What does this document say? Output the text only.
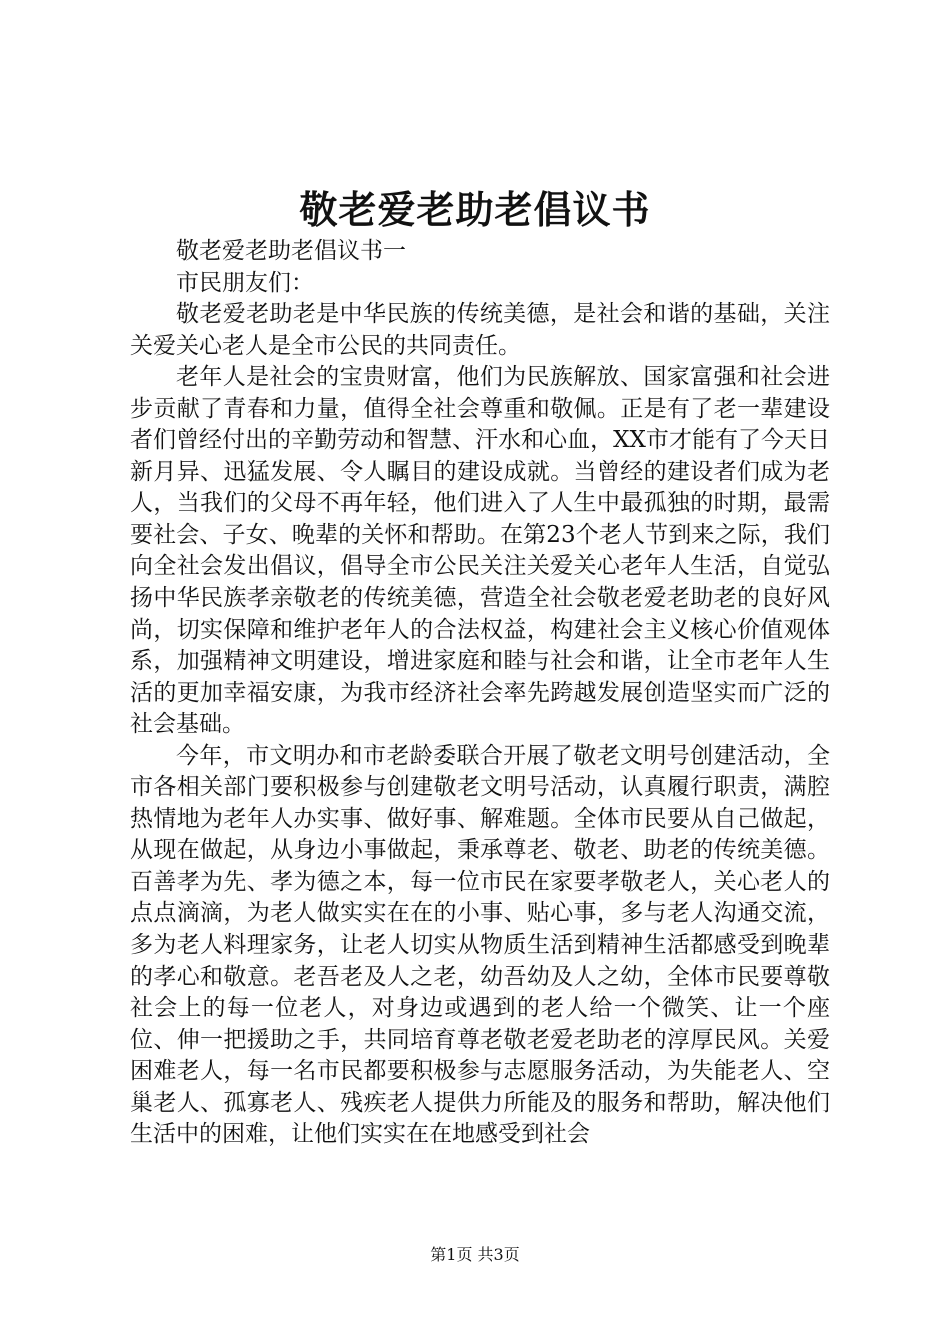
敬老爱老助老倡议书

敬老爱老助老倡议书一

市民朋友们：

敬老爱老助老是中华民族的传统美德，是社会和谐的基础，关注关爱关心老人是全市公民的共同责任。

老年人是社会的宝贵财富，他们为民族解放、国家富强和社会进步贡献了青春和力量，值得全社会尊重和敬佩。正是有了老一辈建设者们曾经付出的辛勤劳动和智慧、汗水和心血，XX市才能有了今天日新月异、迅猛发展、令人瞩目的建设成就。当曾经的建设者们成为老人，当我们的父母不再年轻，他们进入了人生中最孤独的时期，最需要社会、子女、晚辈的关怀和帮助。在第23个老人节到来之际，我们向全社会发出倡议，倡导全市公民关注关爱关心老年人生活，自觉弘扬中华民族孝亲敬老的传统美德，营造全社会敬老爱老助老的良好风尚，切实保障和维护老年人的合法权益，构建社会主义核心价值观体系，加强精神文明建设，增进家庭和睦与社会和谐，让全市老年人生活的更加幸福安康，为我市经济社会率先跨越发展创造坚实而广泛的社会基础。

今年，市文明办和市老龄委联合开展了敬老文明号创建活动，全市各相关部门要积极参与创建敬老文明号活动，认真履行职责，满腔热情地为老年人办实事、做好事、解难题。全体市民要从自己做起，从现在做起，从身边小事做起，秉承尊老、敬老、助老的传统美德。百善孝为先、孝为德之本，每一位市民在家要孝敬老人，关心老人的点点滴滴，为老人做实实在在的小事、贴心事，多与老人沟通交流，多为老人料理家务，让老人切实从物质生活到精神生活都感受到晚辈的孝心和敬意。老吾老及人之老，幼吾幼及人之幼，全体市民要尊敬社会上的每一位老人，对身边或遇到的老人给一个微笑、让一个座位、伸一把援助之手，共同培育尊老敬老爱老助老的淳厚民风。关爱困难老人，每一名市民都要积极参与志愿服务活动，为失能老人、空巢老人、孤寡老人、残疾老人提供力所能及的服务和帮助，解决他们生活中的困难，让他们实实在在地感受到社会

第1页 共3页
